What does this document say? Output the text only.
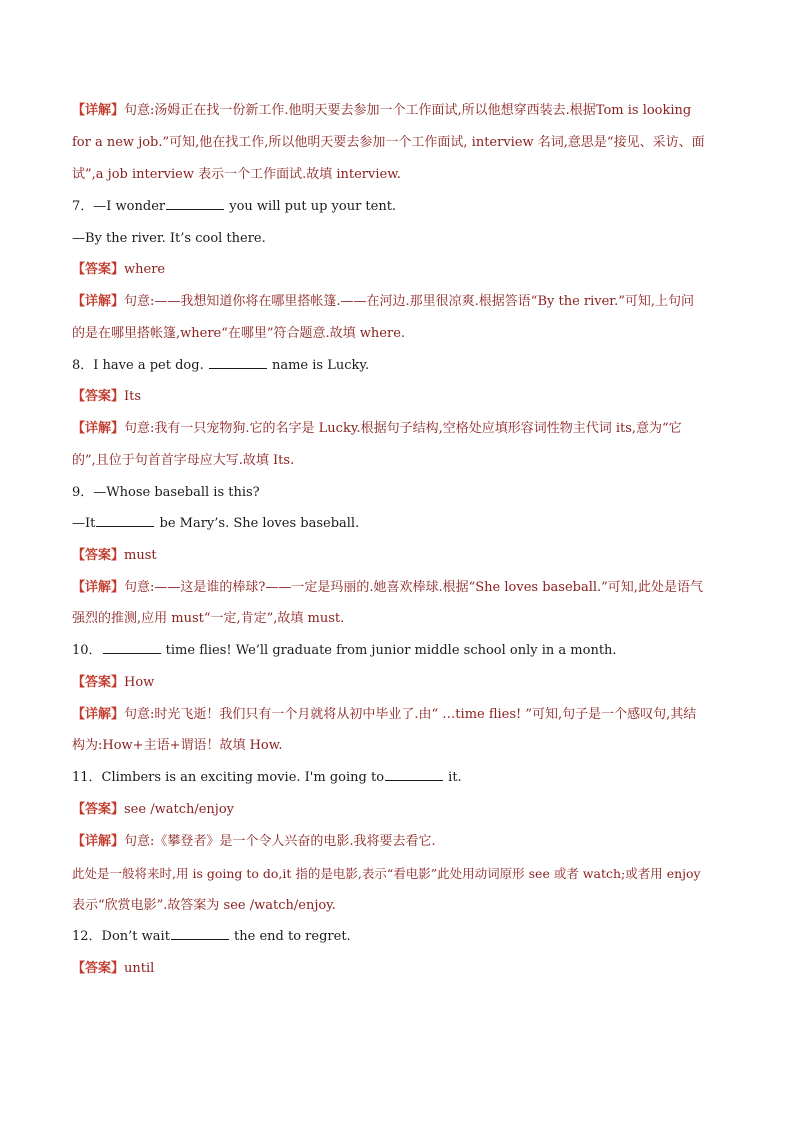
【详解】句意:汤姆正在找一份新工作.他明天要去参加一个工作面试,所以他想穿西装去.根据Tom is looking
for a new job.”可知,他在找工作,所以他明天要去参加一个工作面试, interview 名词,意思是“接见、采访、面
试”,a job interview 表示一个工作面试.故填 interview.
7．—I wonder	you will put up your tent.
—By the river. It’s cool there.
【答案】where
【详解】句意:——我想知道你将在哪里搭帐篷.——在河边.那里很凉爽.根据答语“By the river.”可知,上句问
的是在哪里搭帐篷,where“在哪里”符合题意.故填 where.
8．I have a pet dog.	name is Lucky.
【答案】Its
【详解】句意:我有一只宠物狗.它的名字是 Lucky.根据句子结构,空格处应填形容词性物主代词 its,意为“它
的”,且位于句首首字母应大写.故填 Its.
9．—Whose baseball is this?
—It	be Mary’s. She loves baseball.
【答案】must
【详解】句意:——这是谁的棒球?——一定是玛丽的.她喜欢棒球.根据“She loves baseball.”可知,此处是语气
强烈的推测,应用 must“一定,肯定”,故填 must.
10．	time flies! We’ll graduate from junior middle school only in a month.
【答案】How
【详解】句意:时光飞逝！我们只有一个月就将从初中毕业了.由“ …time flies! ”可知,句子是一个感叹句,其结
构为:How+主语+谓语！故填 How.
11．Climbers is an exciting movie. I'm going to	it.
【答案】see /watch/enjoy
【详解】句意:《攀登者》是一个令人兴奋的电影.我将要去看它.
此处是一般将来时,用 is going to do,it 指的是电影,表示“看电影”此处用动词原形 see 或者 watch;或者用 enjoy
表示“欣赏电影”.故答案为 see /watch/enjoy.
12．Don’t wait	the end to regret.
【答案】until
